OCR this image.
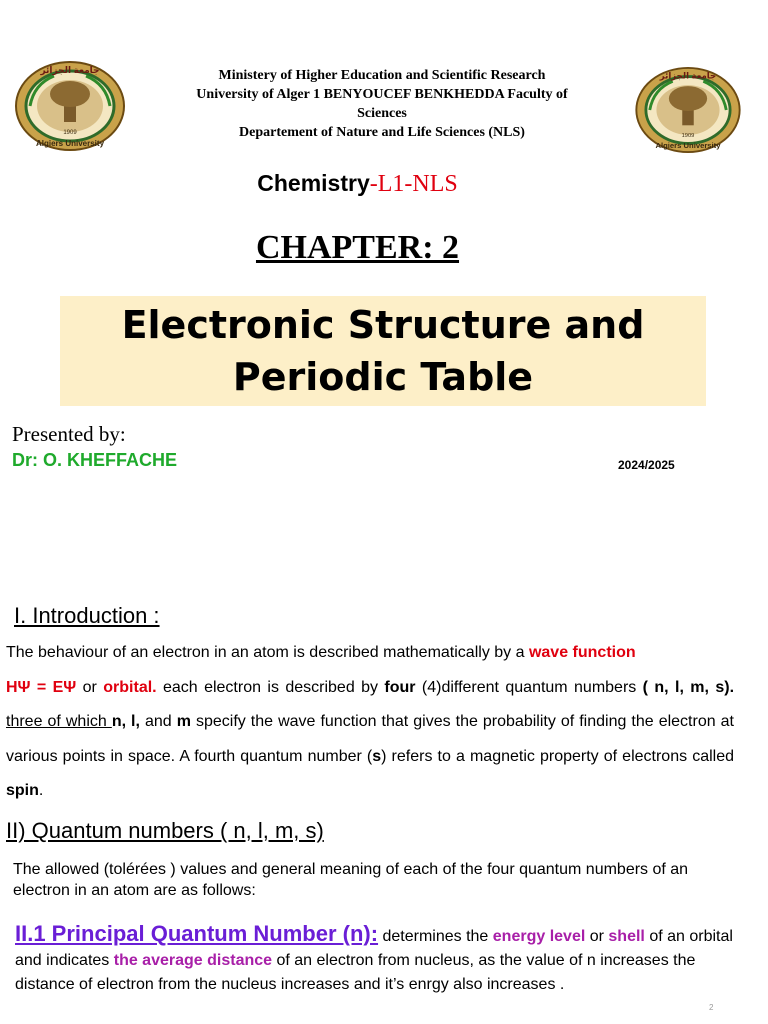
جامعة الجزائر
Algiers University
1909
جامعة الجزائر
Algiers University
1909
Ministery of Higher Education and Scientific Research
University of Alger 1 BENYOUCEF BENKHEDDA Faculty of
Sciences
Departement of Nature and Life Sciences (NLS)
Chemistry-L1-NLS
CHAPTER: 2
Electronic Structure and
Periodic Table
Presented by:
Dr: O. KHEFFACHE	2024/2025
I. Introduction :
The behaviour of an electron in an atom is described mathematically by a wave function
HΨ = EΨ or orbital. each electron is described by four (4)different quantum numbers ( n, l, m, s). three of which n, l, and m specify the wave function that gives the probability of finding the electron at various points in space. A fourth quantum number (s) refers to a magnetic property of electrons called spin.
II) Quantum numbers ( n, l, m, s)
The allowed (tolérées ) values and general meaning of each of the four quantum numbers of an electron in an atom are as follows:
II.1 Principal Quantum Number (n): determines the energy level or shell of an orbital and indicates the average distance of an electron from nucleus, as the value of n increases the distance of electron from the nucleus increases and it’s enrgy also increases .
2
